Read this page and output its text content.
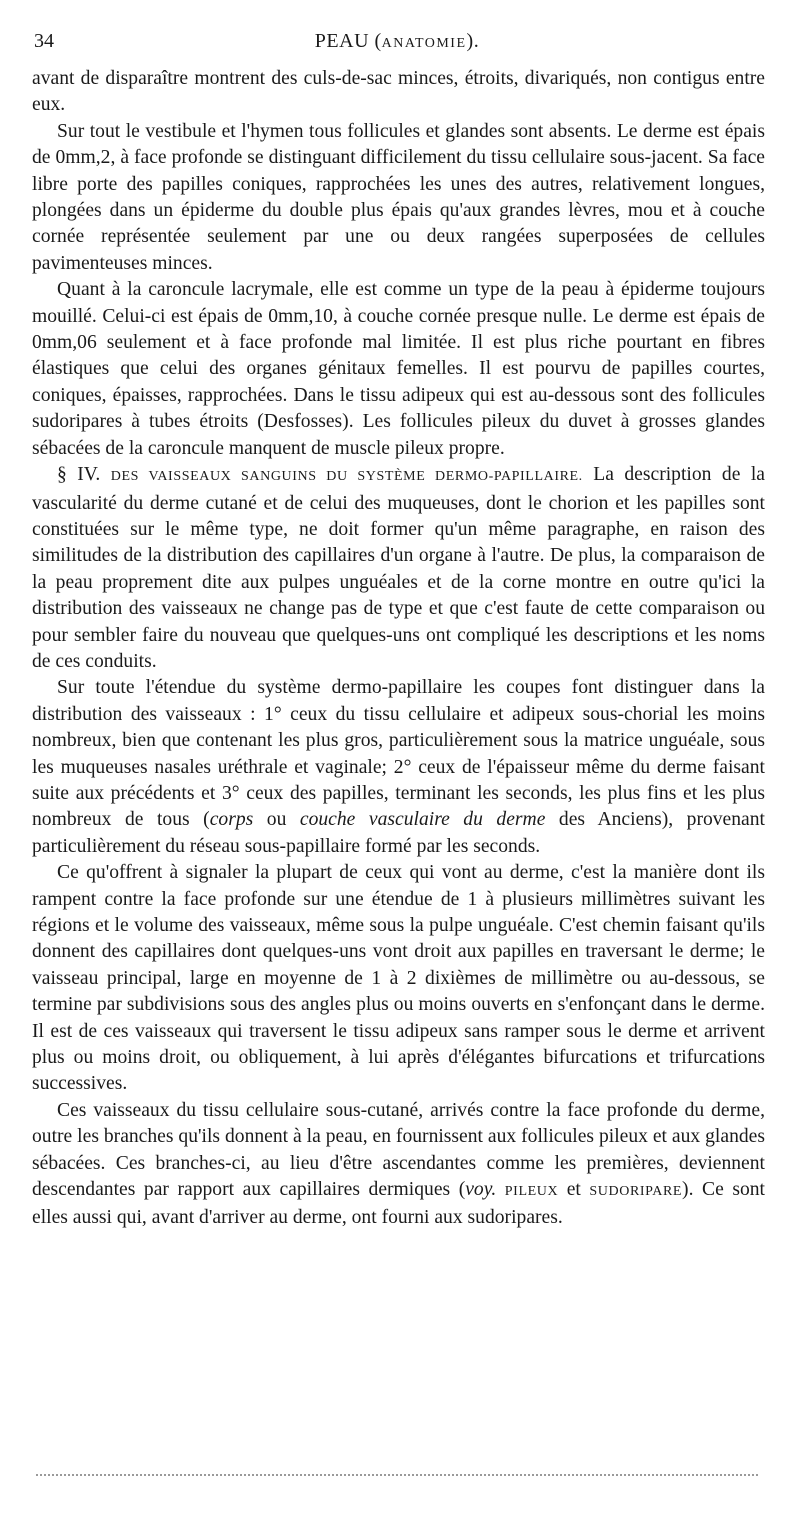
34	PEAU (ANATOMIE).

avant de disparaître montrent des culs-de-sac minces, étroits, divariqués, non contigus entre eux.

Sur tout le vestibule et l'hymen tous follicules et glandes sont absents. Le derme est épais de 0mm,2, à face profonde se distinguant difficilement du tissu cellulaire sous-jacent. Sa face libre porte des papilles coniques, rapprochées les unes des autres, relativement longues, plongées dans un épiderme du double plus épais qu'aux grandes lèvres, mou et à couche cornée représentée seulement par une ou deux rangées superposées de cellules pavimenteuses minces.

Quant à la caroncule lacrymale, elle est comme un type de la peau à épiderme toujours mouillé. Celui-ci est épais de 0mm,10, à couche cornée presque nulle. Le derme est épais de 0mm,06 seulement et à face profonde mal limitée. Il est plus riche pourtant en fibres élastiques que celui des organes génitaux femelles. Il est pourvu de papilles courtes, coniques, épaisses, rapprochées. Dans le tissu adipeux qui est au-dessous sont des follicules sudoripares à tubes étroits (Desfosses). Les follicules pileux du duvet à grosses glandes sébacées de la caroncule manquent de muscle pileux propre.

§ IV. DES VAISSEAUX SANGUINS DU SYSTÈME DERMO-PAPILLAIRE. La description de la vascularité du derme cutané et de celui des muqueuses, dont le chorion et les papilles sont constituées sur le même type, ne doit former qu'un même paragraphe, en raison des similitudes de la distribution des capillaires d'un organe à l'autre. De plus, la comparaison de la peau proprement dite aux pulpes unguéales et de la corne montre en outre qu'ici la distribution des vaisseaux ne change pas de type et que c'est faute de cette comparaison ou pour sembler faire du nouveau que quelques-uns ont compliqué les descriptions et les noms de ces conduits.

Sur toute l'étendue du système dermo-papillaire les coupes font distinguer dans la distribution des vaisseaux : 1° ceux du tissu cellulaire et adipeux sous-chorial les moins nombreux, bien que contenant les plus gros, particulièrement sous la matrice unguéale, sous les muqueuses nasales uréthrale et vaginale; 2° ceux de l'épaisseur même du derme faisant suite aux précédents et 3° ceux des papilles, terminant les seconds, les plus fins et les plus nombreux de tous (corps ou couche vasculaire du derme des Anciens), provenant particulièrement du réseau sous-papillaire formé par les seconds.

Ce qu'offrent à signaler la plupart de ceux qui vont au derme, c'est la manière dont ils rampent contre la face profonde sur une étendue de 1 à plusieurs millimètres suivant les régions et le volume des vaisseaux, même sous la pulpe unguéale. C'est chemin faisant qu'ils donnent des capillaires dont quelques-uns vont droit aux papilles en traversant le derme; le vaisseau principal, large en moyenne de 1 à 2 dixièmes de millimètre ou au-dessous, se termine par subdivisions sous des angles plus ou moins ouverts en s'enfonçant dans le derme. Il est de ces vaisseaux qui traversent le tissu adipeux sans ramper sous le derme et arrivent plus ou moins droit, ou obliquement, à lui après d'élégantes bifurcations et trifurcations successives.

Ces vaisseaux du tissu cellulaire sous-cutané, arrivés contre la face profonde du derme, outre les branches qu'ils donnent à la peau, en fournissent aux follicules pileux et aux glandes sébacées. Ces branches-ci, au lieu d'être ascendantes comme les premières, deviennent descendantes par rapport aux capillaires dermiques (voy. PILEUX et SUDORIPARE). Ce sont elles aussi qui, avant d'arriver au derme, ont fourni aux sudoripares.
